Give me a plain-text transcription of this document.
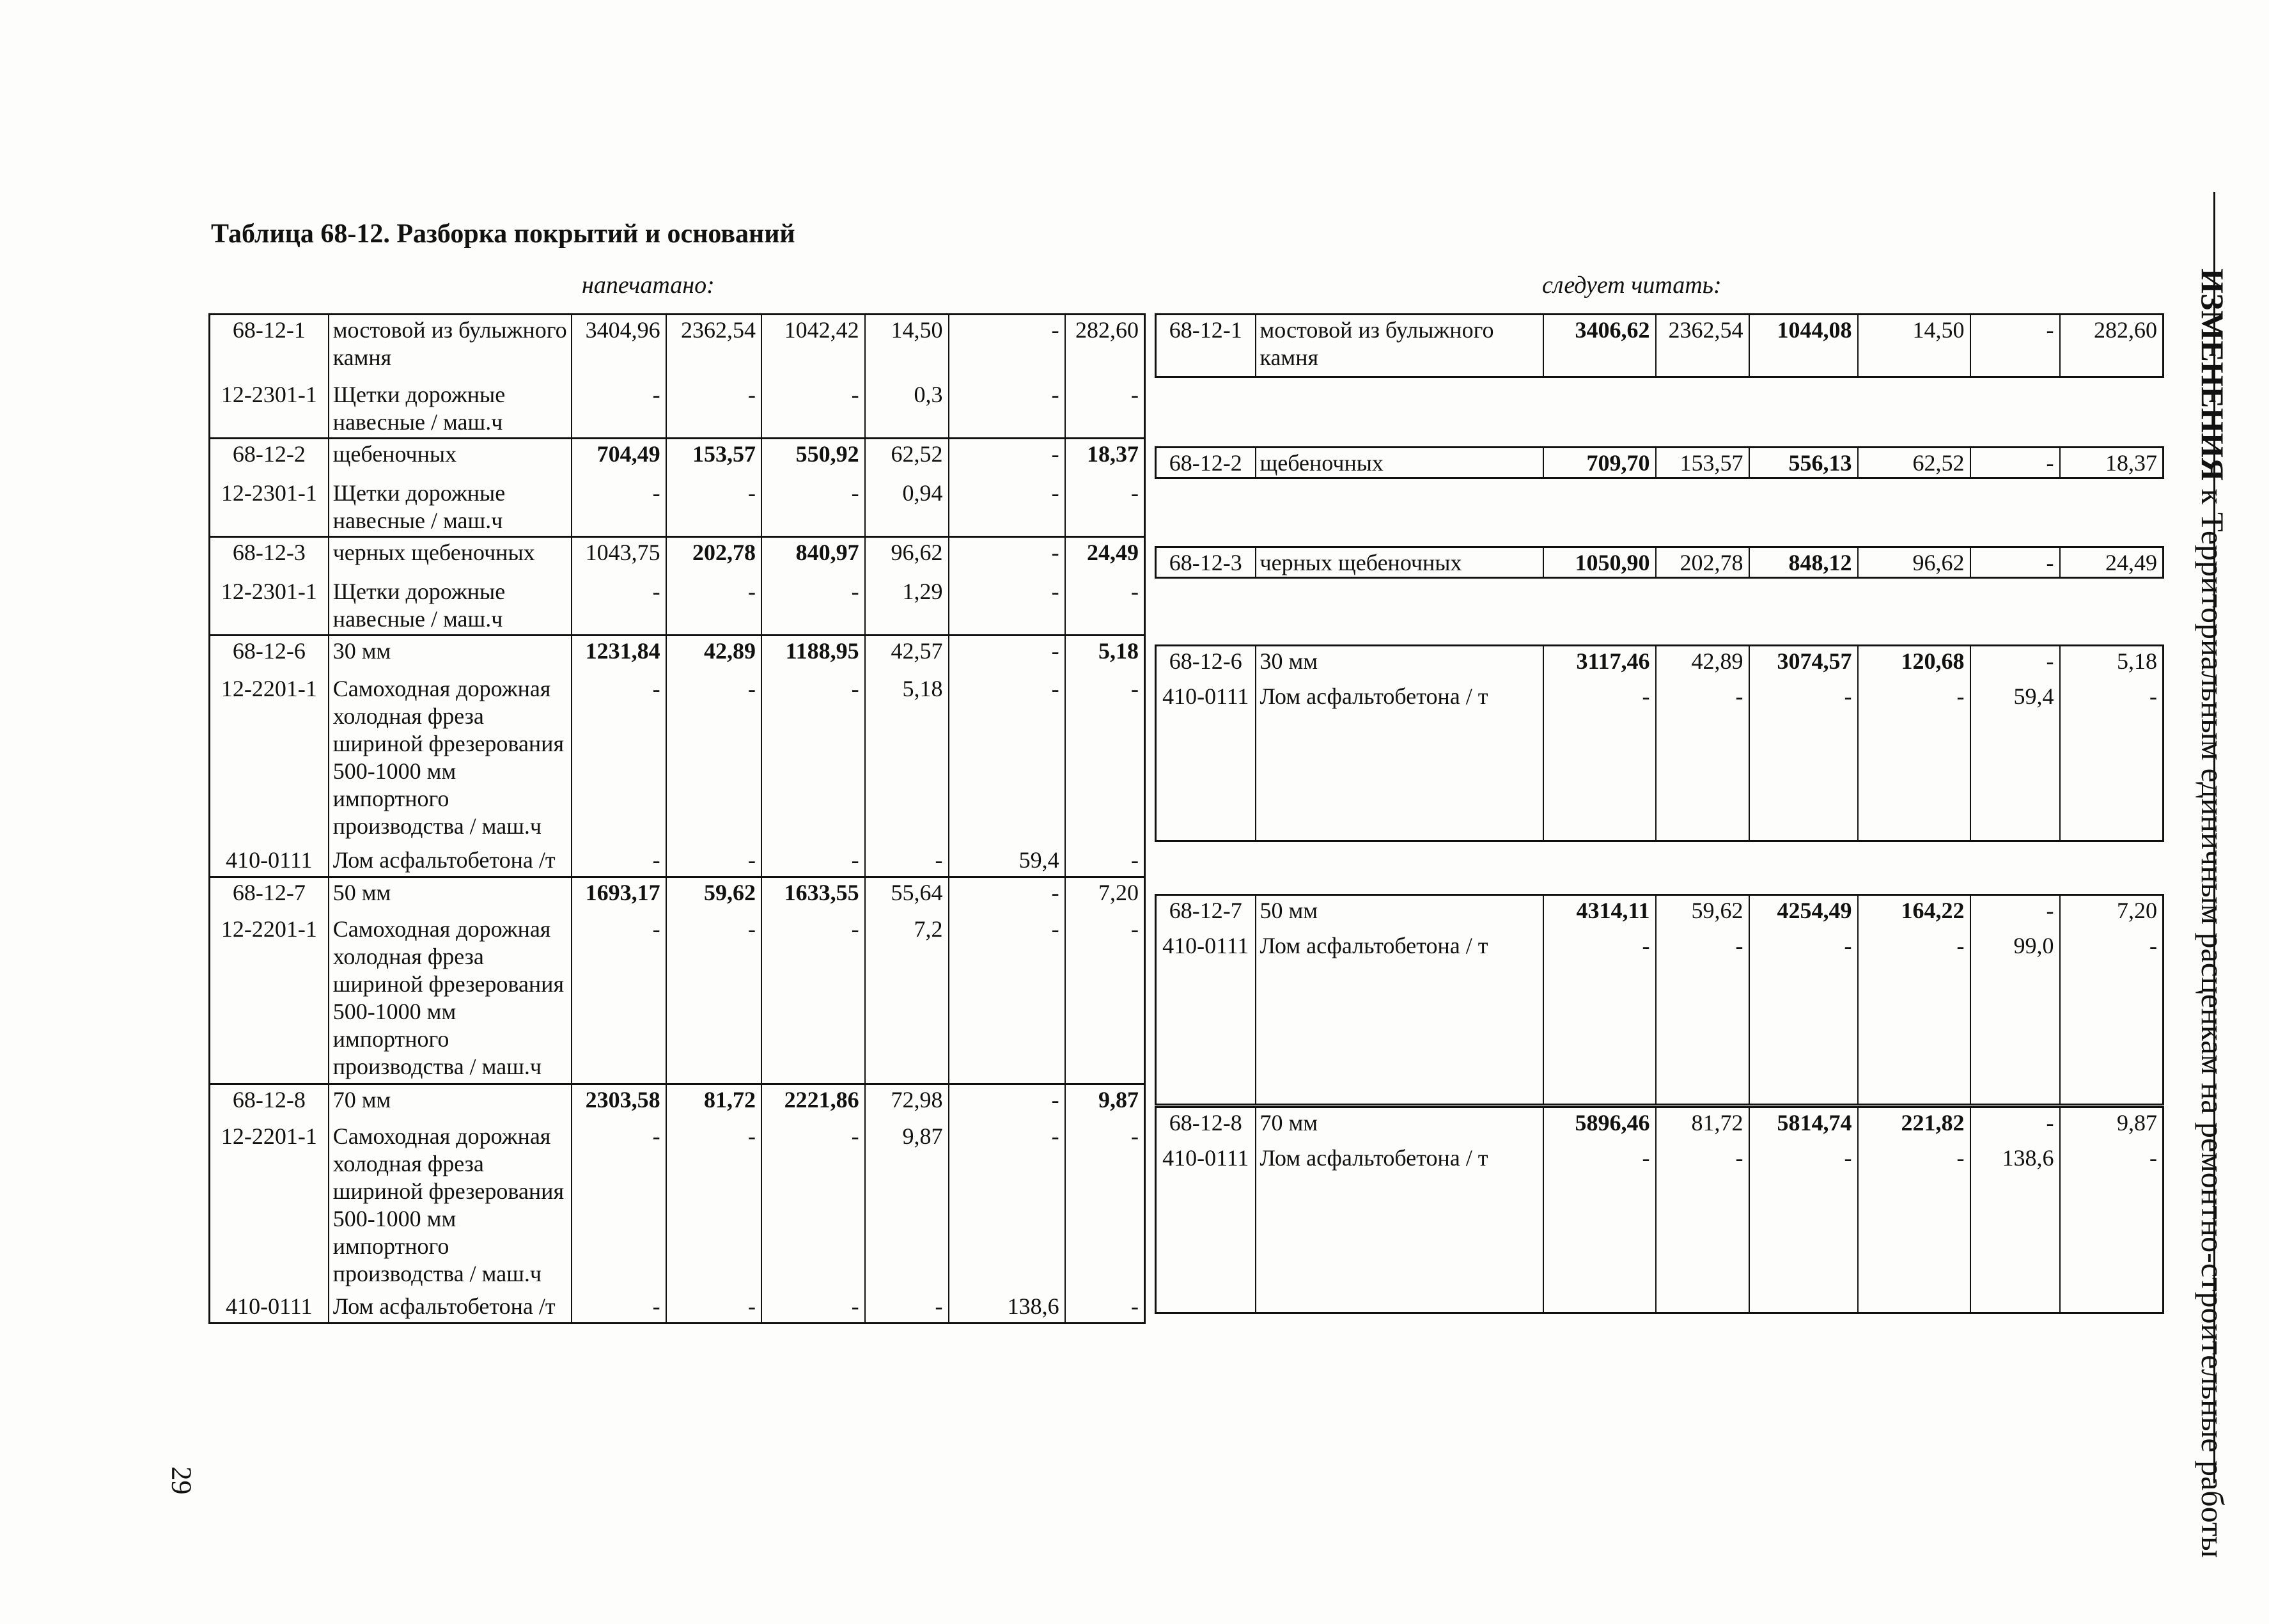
Таблица 68-12. Разборка покрытий и оснований
напечатано:	следует читать:
68-12-1	мостовой из булыжного камня	3404,96	2362,54	1042,42	14,50	-	282,60
12-2301-1	Щетки дорожные навесные / маш.ч	-	-	-	0,3	-	-
68-12-2	щебеночных	704,49	153,57	550,92	62,52	-	18,37
12-2301-1	Щетки дорожные навесные / маш.ч	-	-	-	0,94	-	-
68-12-3	черных щебеночных	1043,75	202,78	840,97	96,62	-	24,49
12-2301-1	Щетки дорожные навесные / маш.ч	-	-	-	1,29	-	-
68-12-6	30 мм	1231,84	42,89	1188,95	42,57	-	5,18
12-2201-1	Самоходная дорожная холодная фреза шириной фрезерования 500-1000 мм импортного производства / маш.ч	-	-	-	5,18	-	-
410-0111	Лом асфальтобетона /т	-	-	-	-	59,4	-
68-12-7	50 мм	1693,17	59,62	1633,55	55,64	-	7,20
12-2201-1	Самоходная дорожная холодная фреза шириной фрезерования 500-1000 мм импортного производства / маш.ч	-	-	-	7,2	-	-
68-12-8	70 мм	2303,58	81,72	2221,86	72,98	-	9,87
12-2201-1	Самоходная дорожная холодная фреза шириной фрезерования 500-1000 мм импортного производства / маш.ч	-	-	-	9,87	-	-
410-0111	Лом асфальтобетона /т	-	-	-	-	138,6	-
68-12-1	мостовой из булыжного камня	3406,62	2362,54	1044,08	14,50	-	282,60
68-12-2	щебеночных	709,70	153,57	556,13	62,52	-	18,37
68-12-3	черных щебеночных	1050,90	202,78	848,12	96,62	-	24,49
68-12-6	30 мм	3117,46	42,89	3074,57	120,68	-	5,18
410-0111	Лом асфальтобетона / т	-	-	-	-	59,4	-
68-12-7	50 мм	4314,11	59,62	4254,49	164,22	-	7,20
410-0111	Лом асфальтобетона / т	-	-	-	-	99,0	-
68-12-8	70 мм	5896,46	81,72	5814,74	221,82	-	9,87
410-0111	Лом асфальтобетона / т	-	-	-	-	138,6	-
ИЗМЕНЕНИЯ к Территориальным единичным расценкам на ремонтно-строительные работы
29
